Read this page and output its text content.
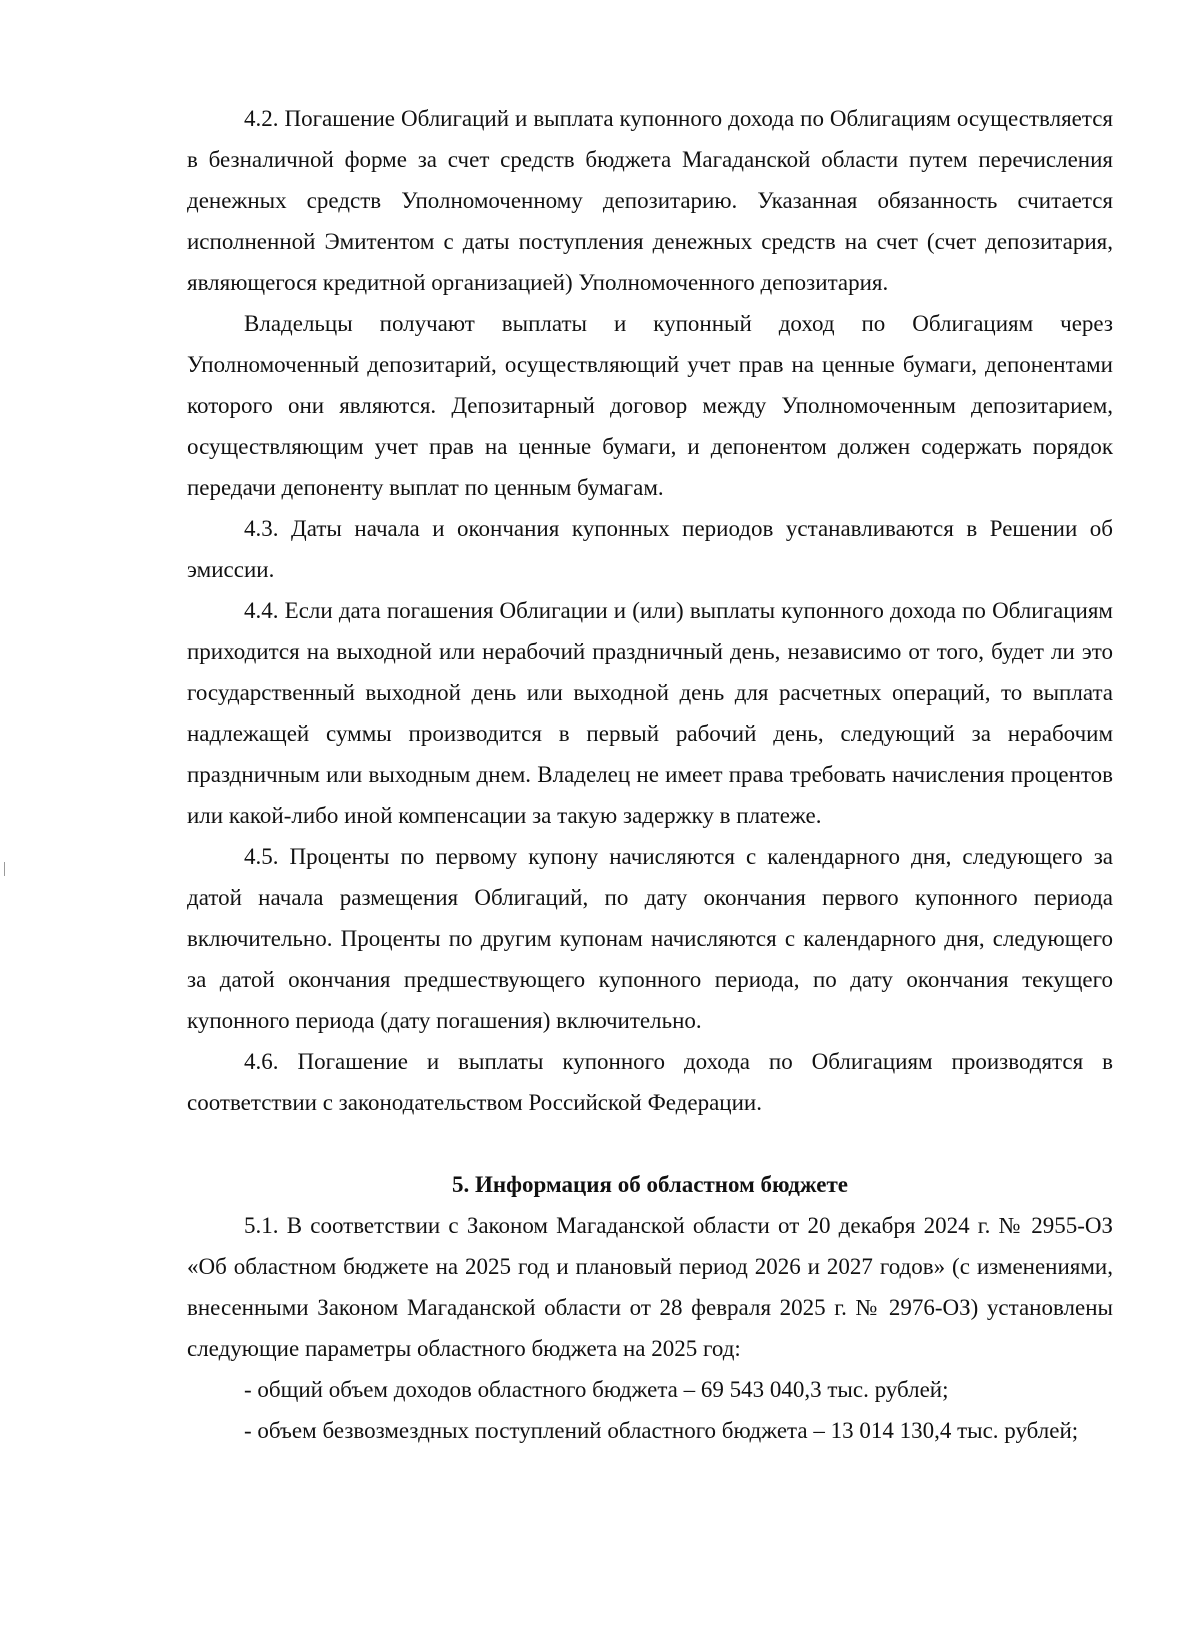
4.2. Погашение Облигаций и выплата купонного дохода по Облигациям осуществляется в безналичной форме за счет средств бюджета Магаданской области путем перечисления денежных средств Уполномоченному депозитарию. Указанная обязанность считается исполненной Эмитентом с даты поступления денежных средств на счет (счет депозитария, являющегося кредитной организацией) Уполномоченного депозитария.

Владельцы получают выплаты и купонный доход по Облигациям через Уполномоченный депозитарий, осуществляющий учет прав на ценные бумаги, депонентами которого они являются. Депозитарный договор между Уполномоченным депозитарием, осуществляющим учет прав на ценные бумаги, и депонентом должен содержать порядок передачи депоненту выплат по ценным бумагам.

4.3. Даты начала и окончания купонных периодов устанавливаются в Решении об эмиссии.

4.4. Если дата погашения Облигации и (или) выплаты купонного дохода по Облигациям приходится на выходной или нерабочий праздничный день, независимо от того, будет ли это государственный выходной день или выходной день для расчетных операций, то выплата надлежащей суммы производится в первый рабочий день, следующий за нерабочим праздничным или выходным днем. Владелец не имеет права требовать начисления процентов или какой-либо иной компенсации за такую задержку в платеже.

4.5. Проценты по первому купону начисляются с календарного дня, следующего за датой начала размещения Облигаций, по дату окончания первого купонного периода включительно. Проценты по другим купонам начисляются с календарного дня, следующего за датой окончания предшествующего купонного периода, по дату окончания текущего купонного периода (дату погашения) включительно.

4.6. Погашение и выплаты купонного дохода по Облигациям производятся в соответствии с законодательством Российской Федерации.

5. Информация об областном бюджете

5.1. В соответствии с Законом Магаданской области от 20 декабря 2024 г. № 2955-ОЗ «Об областном бюджете на 2025 год и плановый период 2026 и 2027 годов» (с изменениями, внесенными Законом Магаданской области от 28 февраля 2025 г. № 2976-ОЗ) установлены следующие параметры областного бюджета на 2025 год:

- общий объем доходов областного бюджета – 69 543 040,3 тыс. рублей;

- объем безвозмездных поступлений областного бюджета – 13 014 130,4 тыс. рублей;
